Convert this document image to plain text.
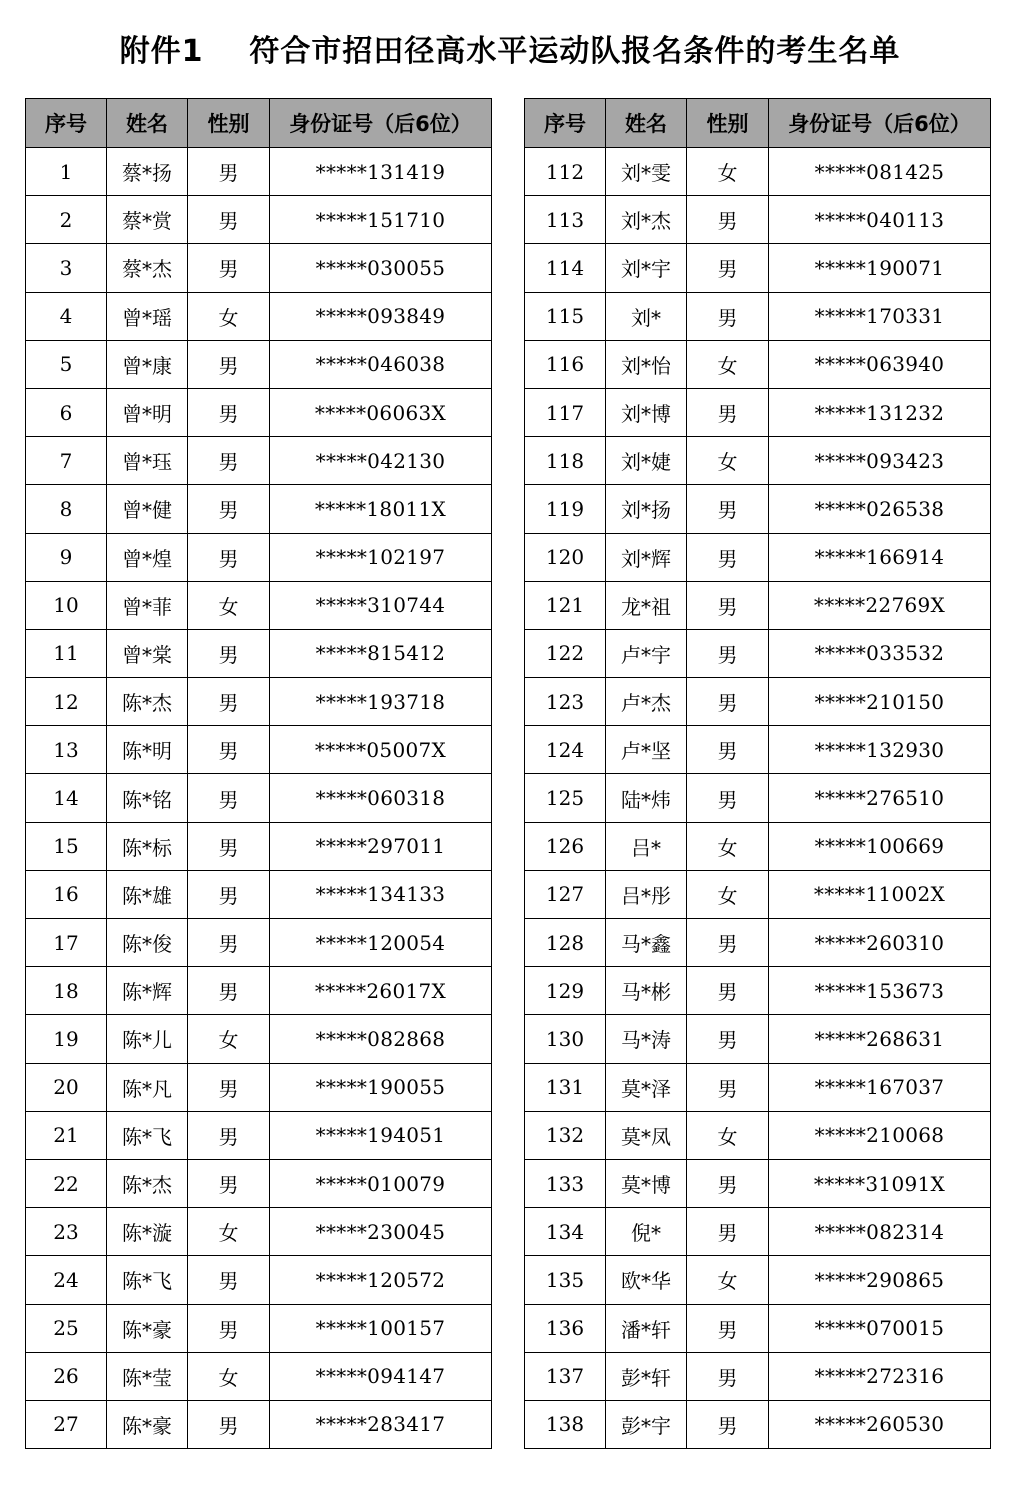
附件1    符合市招田径高水平运动队报名条件的考生名单
序号	姓名	性别	身份证号（后6位）
1	蔡*扬	男	*****131419
2	蔡*赏	男	*****151710
3	蔡*杰	男	*****030055
4	曾*瑶	女	*****093849
5	曾*康	男	*****046038
6	曾*明	男	*****06063X
7	曾*珏	男	*****042130
8	曾*健	男	*****18011X
9	曾*煌	男	*****102197
10	曾*菲	女	*****310744
11	曾*棠	男	*****815412
12	陈*杰	男	*****193718
13	陈*明	男	*****05007X
14	陈*铭	男	*****060318
15	陈*标	男	*****297011
16	陈*雄	男	*****134133
17	陈*俊	男	*****120054
18	陈*辉	男	*****26017X
19	陈*儿	女	*****082868
20	陈*凡	男	*****190055
21	陈*飞	男	*****194051
22	陈*杰	男	*****010079
23	陈*漩	女	*****230045
24	陈*飞	男	*****120572
25	陈*豪	男	*****100157
26	陈*莹	女	*****094147
27	陈*豪	男	*****283417
序号	姓名	性别	身份证号（后6位）
112	刘*雯	女	*****081425
113	刘*杰	男	*****040113
114	刘*宇	男	*****190071
115	刘*	男	*****170331
116	刘*怡	女	*****063940
117	刘*博	男	*****131232
118	刘*婕	女	*****093423
119	刘*扬	男	*****026538
120	刘*辉	男	*****166914
121	龙*祖	男	*****22769X
122	卢*宇	男	*****033532
123	卢*杰	男	*****210150
124	卢*坚	男	*****132930
125	陆*炜	男	*****276510
126	吕*	女	*****100669
127	吕*彤	女	*****11002X
128	马*鑫	男	*****260310
129	马*彬	男	*****153673
130	马*涛	男	*****268631
131	莫*泽	男	*****167037
132	莫*凤	女	*****210068
133	莫*博	男	*****31091X
134	倪*	男	*****082314
135	欧*华	女	*****290865
136	潘*轩	男	*****070015
137	彭*轩	男	*****272316
138	彭*宇	男	*****260530
